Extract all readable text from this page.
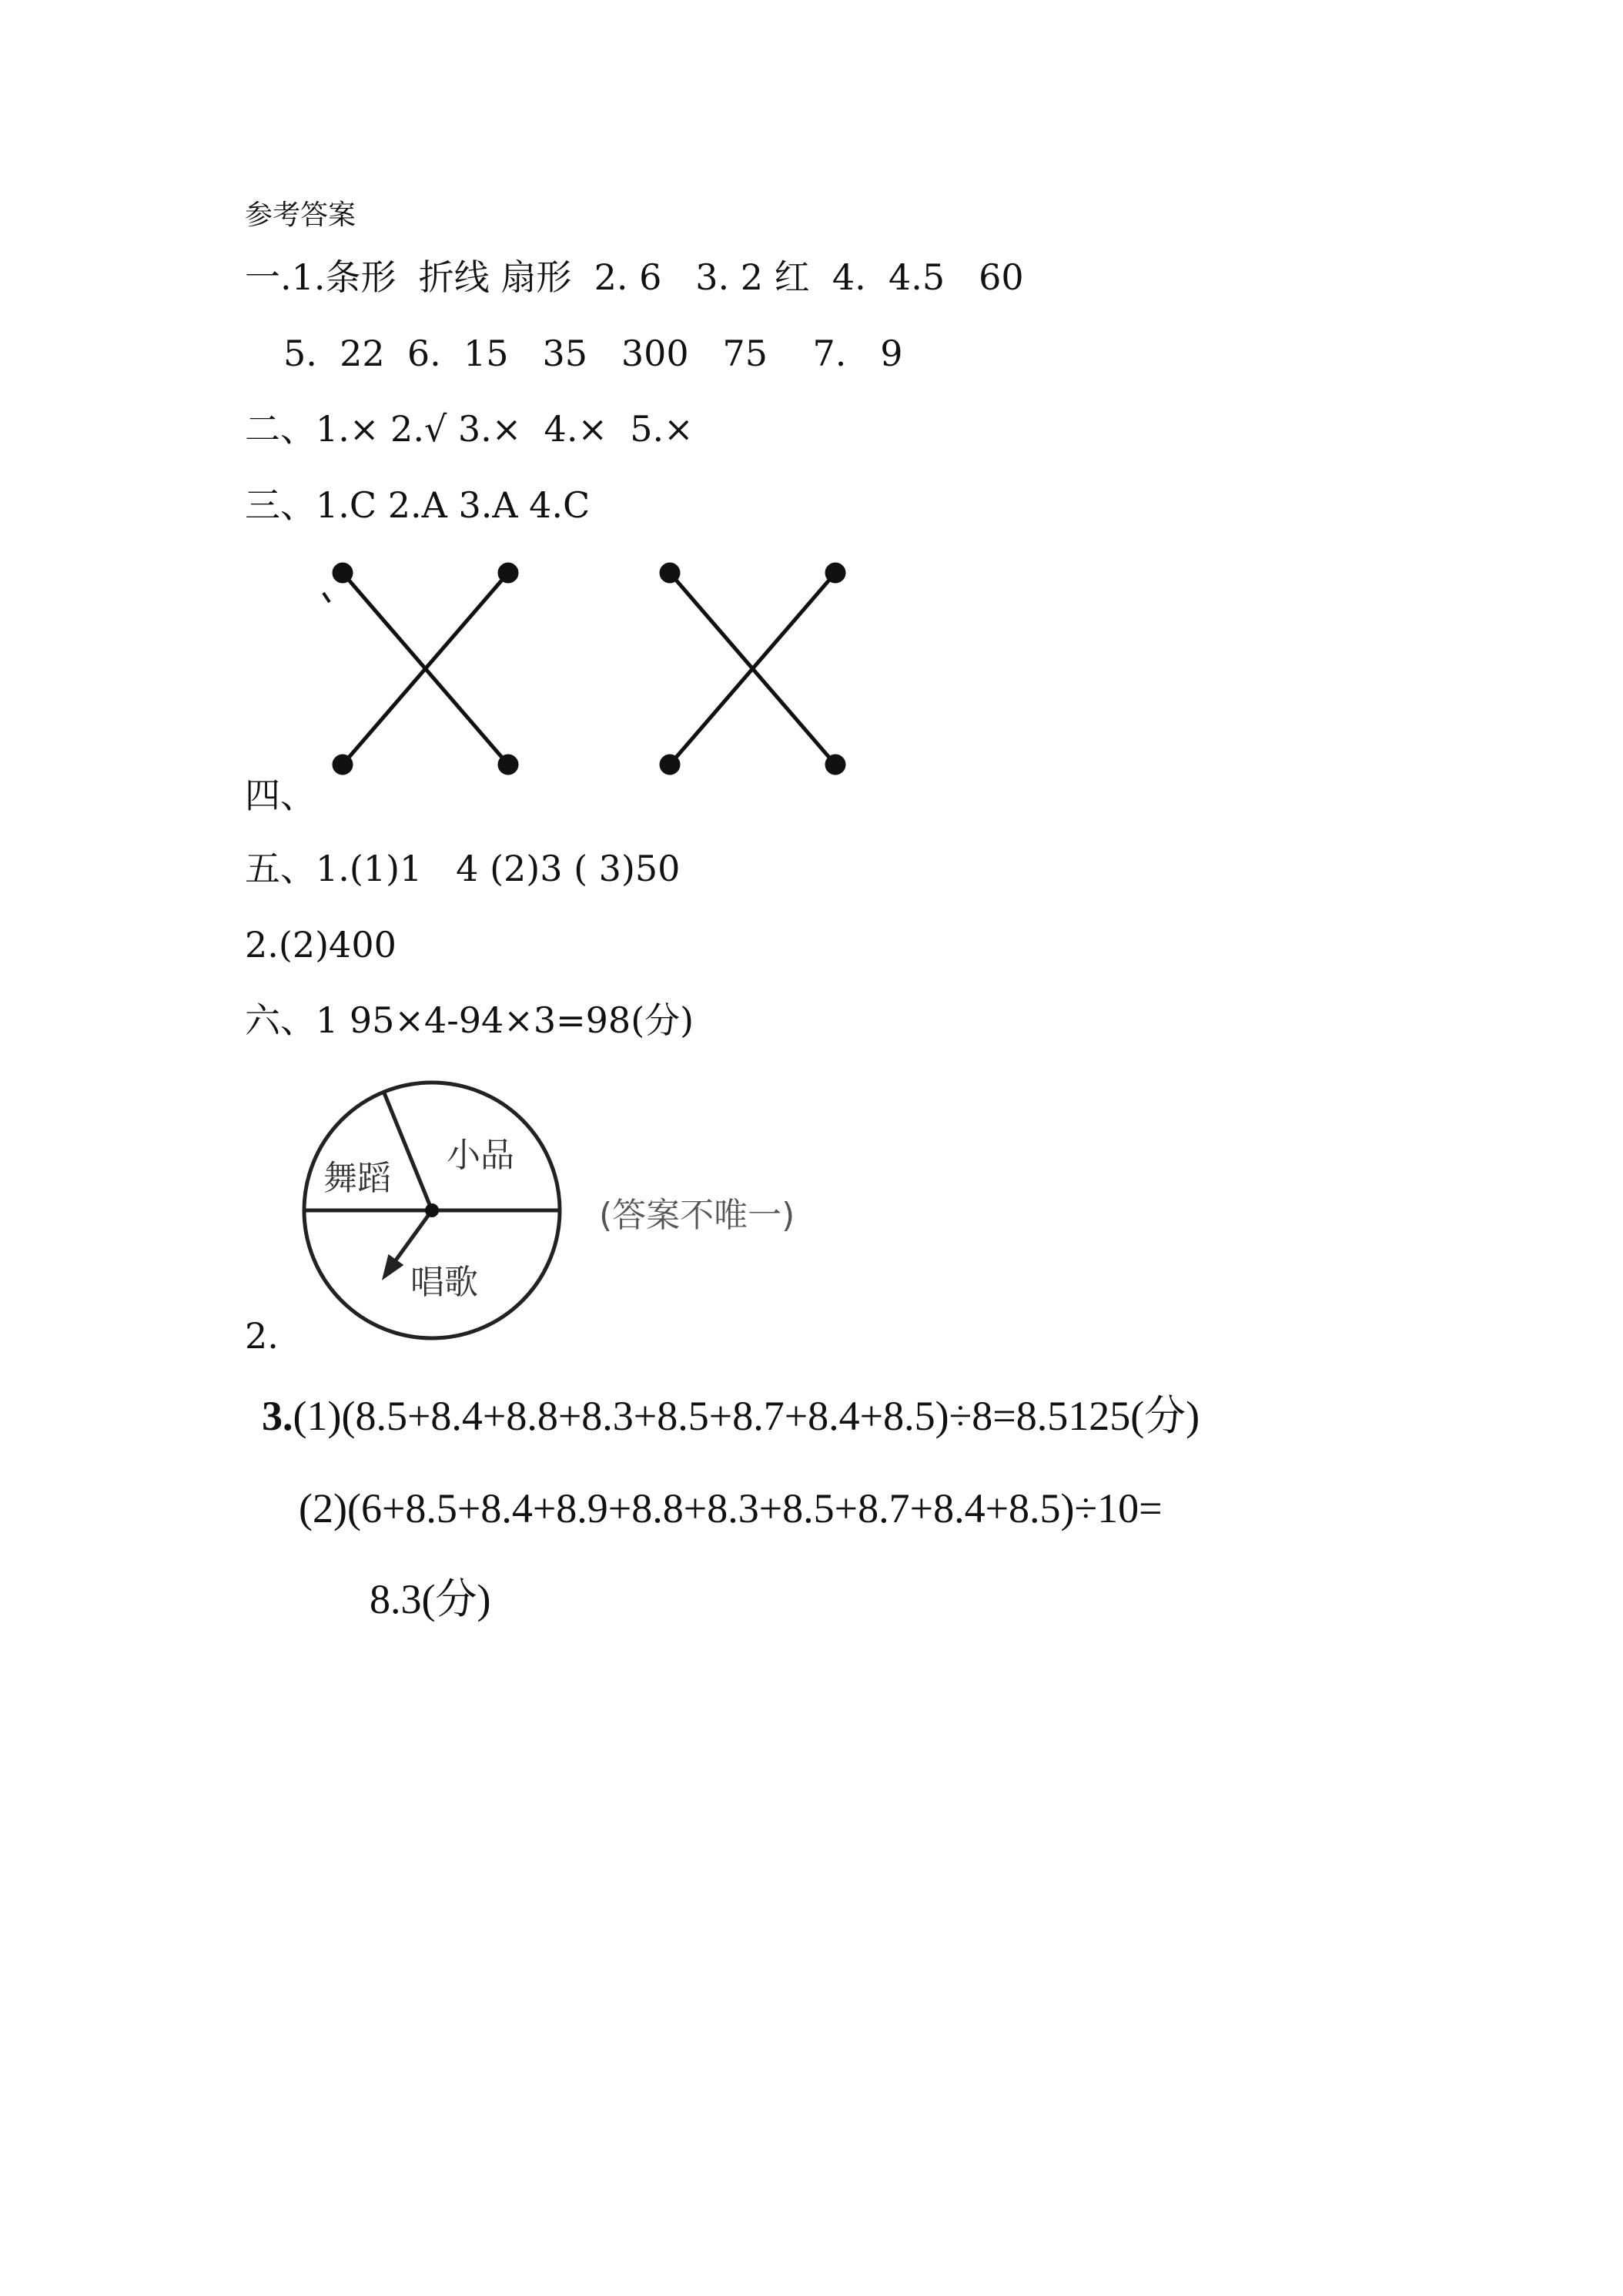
参考答案
一.1.条形  折线 扇形  2. 6   3. 2 红  4.  4.5   60
5.  22  6.  15   35   300   75    7.   9
二、1.× 2.√ 3.×  4.×  5.×
三、1.C 2.A 3.A 4.C
四、
五、1.(1)1   4 (2)3 ( 3)50
2.(2)400
六、1 95×4-94×3=98(分)
舞蹈
小品
唱歌
(答案不唯一)
2.
3.(1)(8.5+8.4+8.8+8.3+8.5+8.7+8.4+8.5)÷8=8.5125(分)
(2)(6+8.5+8.4+8.9+8.8+8.3+8.5+8.7+8.4+8.5)÷10=
8.3(分)
